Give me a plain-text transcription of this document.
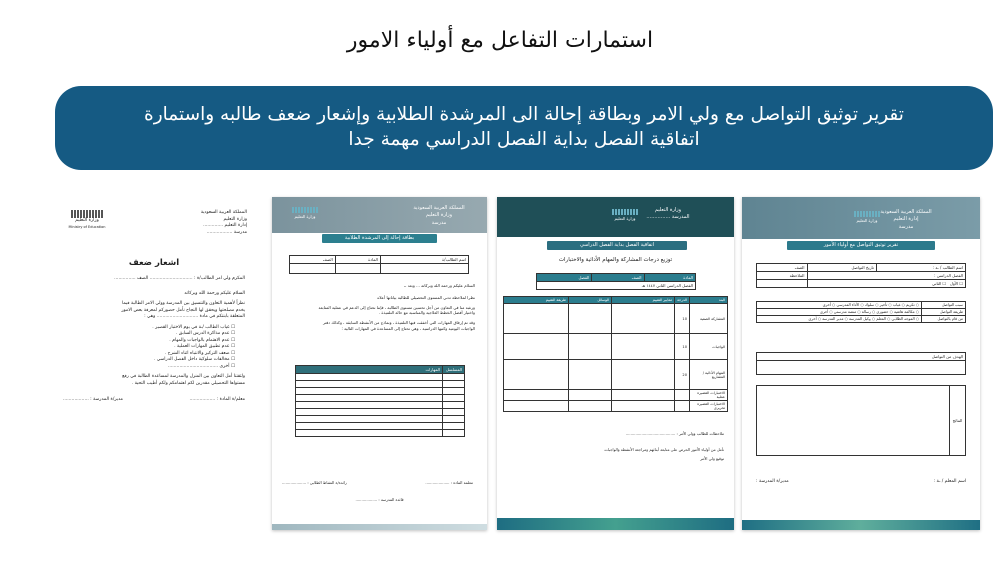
استمارات التفاعل مع أولياء الامور
تقرير توثيق التواصل مع ولي الامر وبطاقة إحالة الى المرشدة الطلابية وإشعار ضعف طالبه واستمارة
اتفاقية الفصل بداية الفصل الدراسي مهمة جدا
المملكة العربية السعودية
وزارة التعليم
إدارة التعليم ..............
مدرسة ..................
وزارة التعليم
Ministry of Education
اشعار ضعف
المكرم ولي امر الطالب/ة : .............................. الصف ...............
السلام عليكم ورحمة الله وبركاته
نظراً لأهمية التعاون والتنسيق بين المدرسة وولي الامر الطالبة فيما
يخدم مصلحتها ويحقق لها النجاح نأمل حضوركم لمعرفة بعض الامور
المتعلقة بابنتكم في مادة ............................. وهي :
☐ غياب الطالب /ـة في يوم الاختبار القصير .
☐ عدم مذاكرة الدرس السابق .
☐ عدم الاهتمام بالواجبات والمهام .
☐ عدم تطبيق المهارات العملية .
☐ ضعف التركيز والانتباه اثناء الشرح .
☐ مخالفات سلوكية داخل الفصل الدراسي .
☐ أخرى ...................................
ولثقتنا أمل التعاون بين المنزل والمدرسة لمساعدة الطالبة في رفع
مستواها التحصيلي مقدرين لكم اهتمامكم ولكم أطيب التحية .
معلم/ة المادة : ..................
مدير/ة المدرسة : ..................
المملكة العربية السعودية
وزارة التعليم
مدرسة
وزارة التعليم
بطاقة إحالة إلى المرشدة الطلابية
اسم الطالب/ة	المادة	الصف

السلام عليكم ورحمة الله وبركاته ... وبعد ،،
نظرا لملاحظة تدني المستوى التحصيلي للطالبة بياناتها أعلاه
ورغبة منا في التعاون من أجل تحسين مستوى الطالبة ، فإننا نحتاج إلى الدعم في عملية المتابعة
واختيار أفضل الخطط العلاجية والمناسبة مع حالة التلميذة .
وقد تم إرفاق المهارات التي أخفقت فيها التلميذة ، ونماذج من الأنشطة السابقة ، وكذلك دفتر
الواجبات اليومية وكتبها الدراسية ، وهي تحتاج إلى المساعدة في المهارات التالية :
المسلسل	المهارات

معلمة المادة : ....................
رائدة/ة النشاط الطلابي : ....................
قائدة المدرسة : ..................
وزارة التعليم
المدرسة ...............
وزارة التعليم
اتفاقية الفصل بداية الفصل الدراسي
توزيع درجات المشاركة والمهام الأدائية والاختبارات
المادة	الصف	الفصل
الفصل الدراسي الثاني ١٤٤٧ هـ
البند	الدرجة	معايير التقييم	الوسائل	طريقة التقييم
المشاركة الصفية	10			
الواجبات	10			
المهام الأدائية / المشاريع	20			
الاختبارات القصيرة عملية				
الاختبارات القصيرة تحريري				
ملاحظات للطالب وولي الأمر : .........................................
نأمل من أولياء الأمور الحرص على متابعة أبنائهم ومراجعة الأنشطة والواجبات
توقيع ولي الأمر
المملكة العربية السعودية
إدارة التعليم
مدرسة
وزارة التعليم
تقرير توثيق التواصل مع أولياء الأمور
اسم الطالب / ـة :	تاريخ التواصل	الصف
الفصل الدراسي :		الملاحظة
☐ الأول   ☐ الثاني		
سبب التواصل	○ تكريم ○ غياب ○ تأخير ○ سلوك ○ الأداء المدرسي ○ أخرى
طريقة التواصل	○ مكالمة هاتفية ○ حضوري ○ رسالة ○ منصة مدرستي ○ أخرى
من قام بالتواصل	○ الموجه الطلابي ○ المعلم ○ وكيل المدرسة ○ مدير المدرسة ○ أخرى
الهدف من التواصل

النتائج	
اسم المعلم / ـة :
مدير/ة المدرسة :
